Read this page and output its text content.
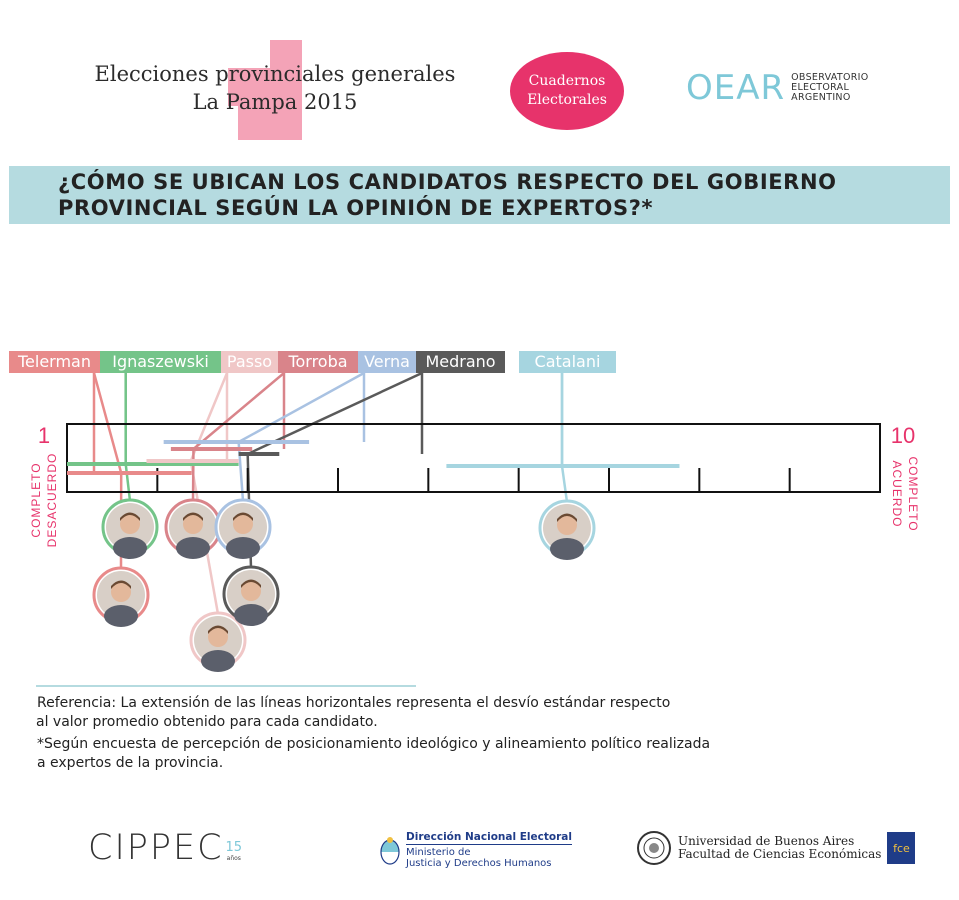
Elecciones provinciales generales
La Pampa 2015
Cuadernos
Electorales OEAR OBSERVATORIO
ELECTORAL
ARGENTINO
¿CÓMO SE UBICAN LOS CANDIDATOS RESPECTO DEL GOBIERNO
PROVINCIAL SEGÚN LA OPINIÓN DE EXPERTOS?*
1	10
COMPLETO DESACUERDO	COMPLETO
ACUERDO
Telerman	Ignaszewski	Passo	Torroba	Verna Medrano	Catalani
Referencia: La extensión de las líneas horizontales representa el desvío estándar respecto
al valor promedio obtenido para cada candidato.
*Según encuesta de percepción de posicionamiento ideológico y alineamiento político realizada
a expertos de la provincia.
CIPPEC 15
años
Dirección Nacional Electoral
Ministerio de
Justicia y Derechos Humanos
Universidad de Buenos Aires
Facultad de Ciencias Económicas	fce
